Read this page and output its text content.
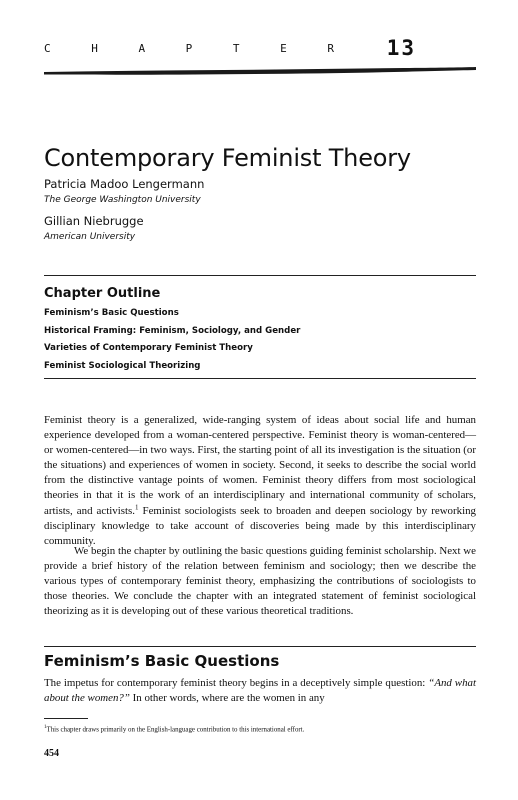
C	H	A	P	T	E	R	13
Contemporary Feminist Theory
Patricia Madoo Lengermann
The George Washington University
Gillian Niebrugge
American University
Chapter Outline
Feminism’s Basic Questions
Historical Framing: Feminism, Sociology, and Gender
Varieties of Contemporary Feminist Theory
Feminist Sociological Theorizing

Feminist theory is a generalized, wide-ranging system of ideas about social life and human experience developed from a woman-centered perspective. Feminist theory is woman-centered—or women-centered—in two ways. First, the starting point of all its investigation is the situation (or the situations) and experiences of women in society. Second, it seeks to describe the social world from the distinctive vantage points of women. Feminist theory differs from most sociological theories in that it is the work of an interdisciplinary and international community of scholars, artists, and activists.$^1$ Feminist sociologists seek to broaden and deepen sociology by reworking disciplinary knowledge to take account of discoveries being made by this interdisciplinary community.

We begin the chapter by outlining the basic questions guiding feminist scholarship. Next we provide a brief history of the relation between feminism and sociology; then we describe the various types of contemporary feminist theory, emphasizing the contributions of sociologists to those theories. We conclude the chapter with an integrated statement of feminist sociological theorizing as it is developing out of these various theoretical traditions.

Feminism’s Basic Questions

The impetus for contemporary feminist theory begins in a deceptively simple question: “And what about the women?” In other words, where are the women in any

$^1$This chapter draws primarily on the English-language contribution to this international effort.
454
